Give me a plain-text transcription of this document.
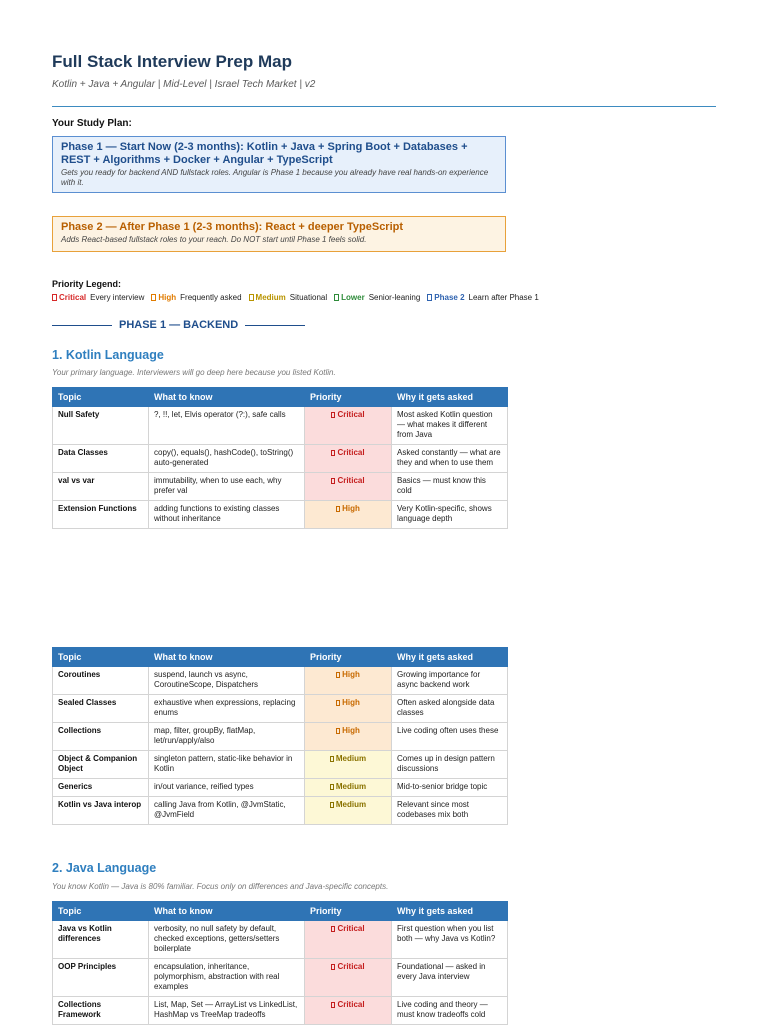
Full Stack Interview Prep Map
Kotlin + Java + Angular | Mid-Level | Israel Tech Market | v2
Your Study Plan:
Phase 1 — Start Now (2-3 months): Kotlin + Java + Spring Boot + Databases + REST + Algorithms + Docker + Angular + TypeScript
Gets you ready for backend AND fullstack roles. Angular is Phase 1 because you already have real hands-on experience with it.
Phase 2 — After Phase 1 (2-3 months): React + deeper TypeScript
Adds React-based fullstack roles to your reach. Do NOT start until Phase 1 feels solid.
Priority Legend:
Critical Every interview High Frequently asked Medium Situational Lower Senior-leaning Phase 2 Learn after Phase 1
PHASE 1 — BACKEND
1. Kotlin Language
Your primary language. Interviewers will go deep here because you listed Kotlin.
Topic	What to know	Priority	Why it gets asked
Null Safety	?, !!, let, Elvis operator (?:), safe calls	Critical	Most asked Kotlin question — what makes it different from Java
Data Classes	copy(), equals(), hashCode(), toString() auto-generated	Critical	Asked constantly — what are they and when to use them
val vs var	immutability, when to use each, why prefer val	Critical	Basics — must know this cold
Extension Functions	adding functions to existing classes without inheritance	High	Very Kotlin-specific, shows language depth
Topic	What to know	Priority	Why it gets asked
Coroutines	suspend, launch vs async, CoroutineScope, Dispatchers	High	Growing importance for async backend work
Sealed Classes	exhaustive when expressions, replacing enums	High	Often asked alongside data classes
Collections	map, filter, groupBy, flatMap, let/run/apply/also	High	Live coding often uses these
Object & Companion Object	singleton pattern, static-like behavior in Kotlin	Medium	Comes up in design pattern discussions
Generics	in/out variance, reified types	Medium	Mid-to-senior bridge topic
Kotlin vs Java interop	calling Java from Kotlin, @JvmStatic, @JvmField	Medium	Relevant since most codebases mix both
2. Java Language
You know Kotlin — Java is 80% familiar. Focus only on differences and Java-specific concepts.
Topic	What to know	Priority	Why it gets asked
Java vs Kotlin differences	verbosity, no null safety by default, checked exceptions, getters/setters boilerplate	Critical	First question when you list both — why Java vs Kotlin?
OOP Principles	encapsulation, inheritance, polymorphism, abstraction with real examples	Critical	Foundational — asked in every Java interview
Collections Framework	List, Map, Set — ArrayList vs LinkedList, HashMap vs TreeMap tradeoffs	Critical	Live coding and theory — must know tradeoffs cold
